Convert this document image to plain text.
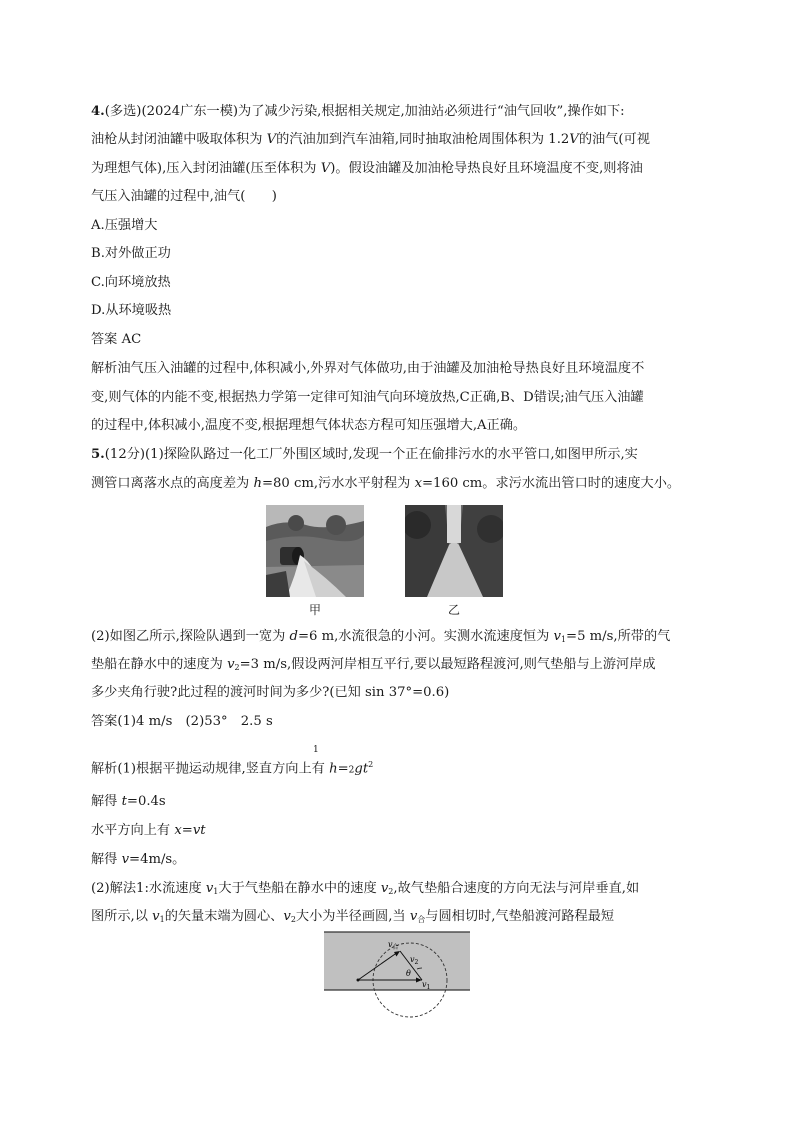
4.(多选)(2024广东一模)为了减少污染,根据相关规定,加油站必须进行“油气回收”,操作如下:
油枪从封闭油罐中吸取体积为 V的汽油加到汽车油箱,同时抽取油枪周围体积为 1.2V的油气(可视
为理想气体),压入封闭油罐(压至体积为 V)。假设油罐及加油枪导热良好且环境温度不变,则将油
气压入油罐的过程中,油气(　　)
A.压强增大
B.对外做正功
C.向环境放热
D.从环境吸热
答案 AC
解析油气压入油罐的过程中,体积减小,外界对气体做功,由于油罐及加油枪导热良好且环境温度不
变,则气体的内能不变,根据热力学第一定律可知油气向环境放热,C正确,B、D错误;油气压入油罐
的过程中,体积减小,温度不变,根据理想气体状态方程可知压强增大,A正确。
5.(12分)(1)探险队路过一化工厂外围区域时,发现一个正在偷排污水的水平管口,如图甲所示,实
测管口离落水点的高度差为 h=80 cm,污水水平射程为 x=160 cm。求污水流出管口时的速度大小。
甲	乙
(2)如图乙所示,探险队遇到一宽为 d=6 m,水流很急的小河。实测水流速度恒为 $v_1=5$ m/s,所带的气
垫船在静水中的速度为 $v_2=3$ m/s,假设两河岸相互平行,要以最短路程渡河,则气垫船与上游河岸成
多少夹角行驶?此过程的渡河时间为多少?(已知 sin 37°=0.6)
答案(1)4 m/s　(2)53°　2.5 s
解析(1)根据平抛运动规律,竖直方向上有 $h=2gt^2$
1
解得 t=0.4s
水平方向上有 x=vt
解得 v=4m/s。
(2)解法1:水流速度 $v_1$大于气垫船在静水中的速度 $v_2$,故气垫船合速度的方向无法与河岸垂直,如
图所示,以 $v_1$的矢量末端为圆心、$v_2$大小为半径画圆,当 $v_合$与圆相切时,气垫船渡河路程最短
$v_合$
$v_2$
θ
$v_1$
